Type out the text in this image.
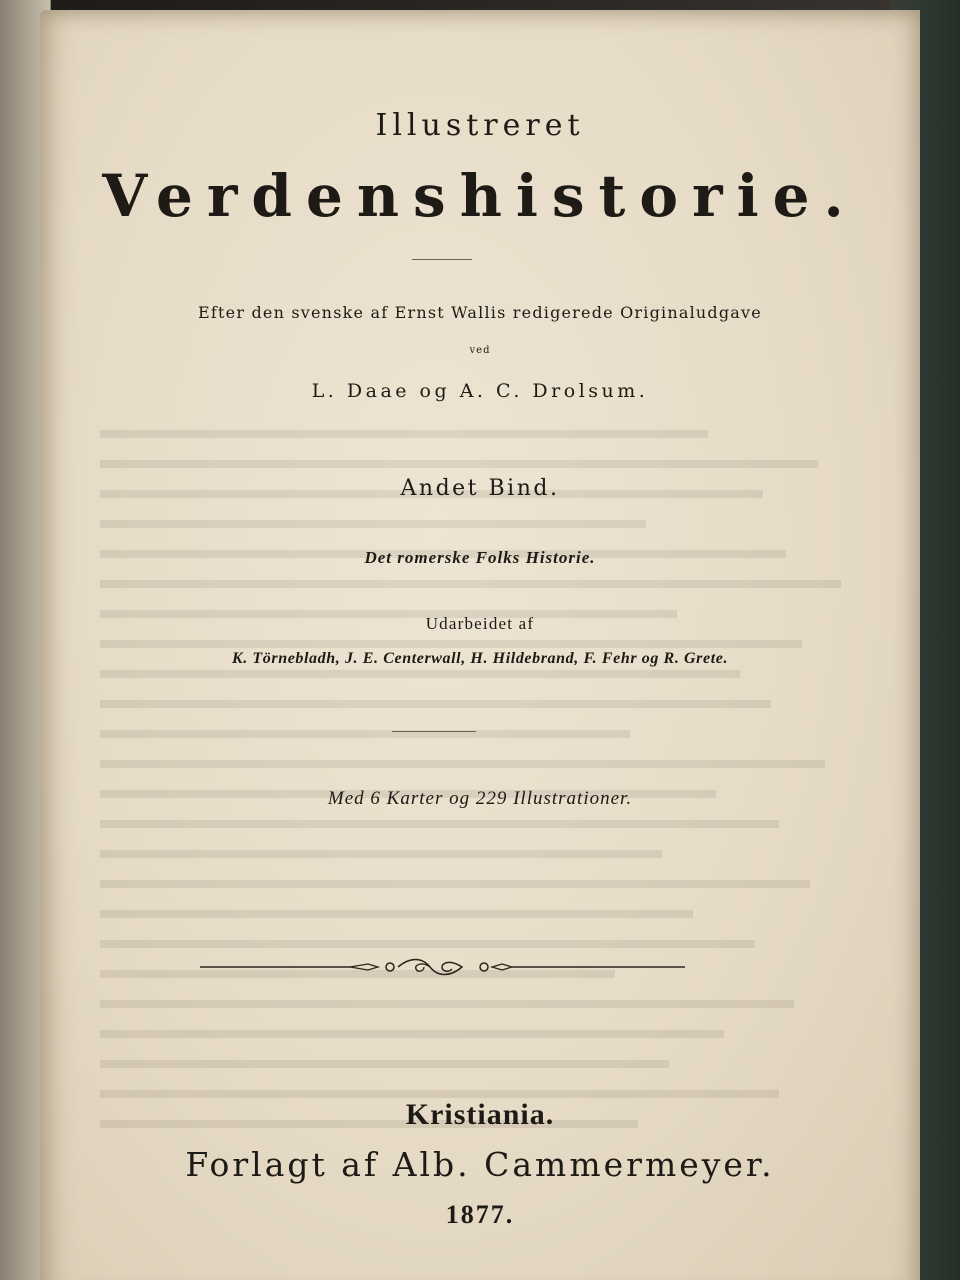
Illustreret
Verdenshistorie.
Efter den svenske af Ernst Wallis redigerede Originaludgave
ved
L. Daae og A. C. Drolsum.
Andet Bind.
Det romerske Folks Historie.
Udarbeidet af
K. Törnebladh, J. E. Centerwall, H. Hildebrand, F. Fehr og R. Grete.
Med 6 Karter og 229 Illustrationer.
Kristiania.
Forlagt af Alb. Cammermeyer.
1877.
